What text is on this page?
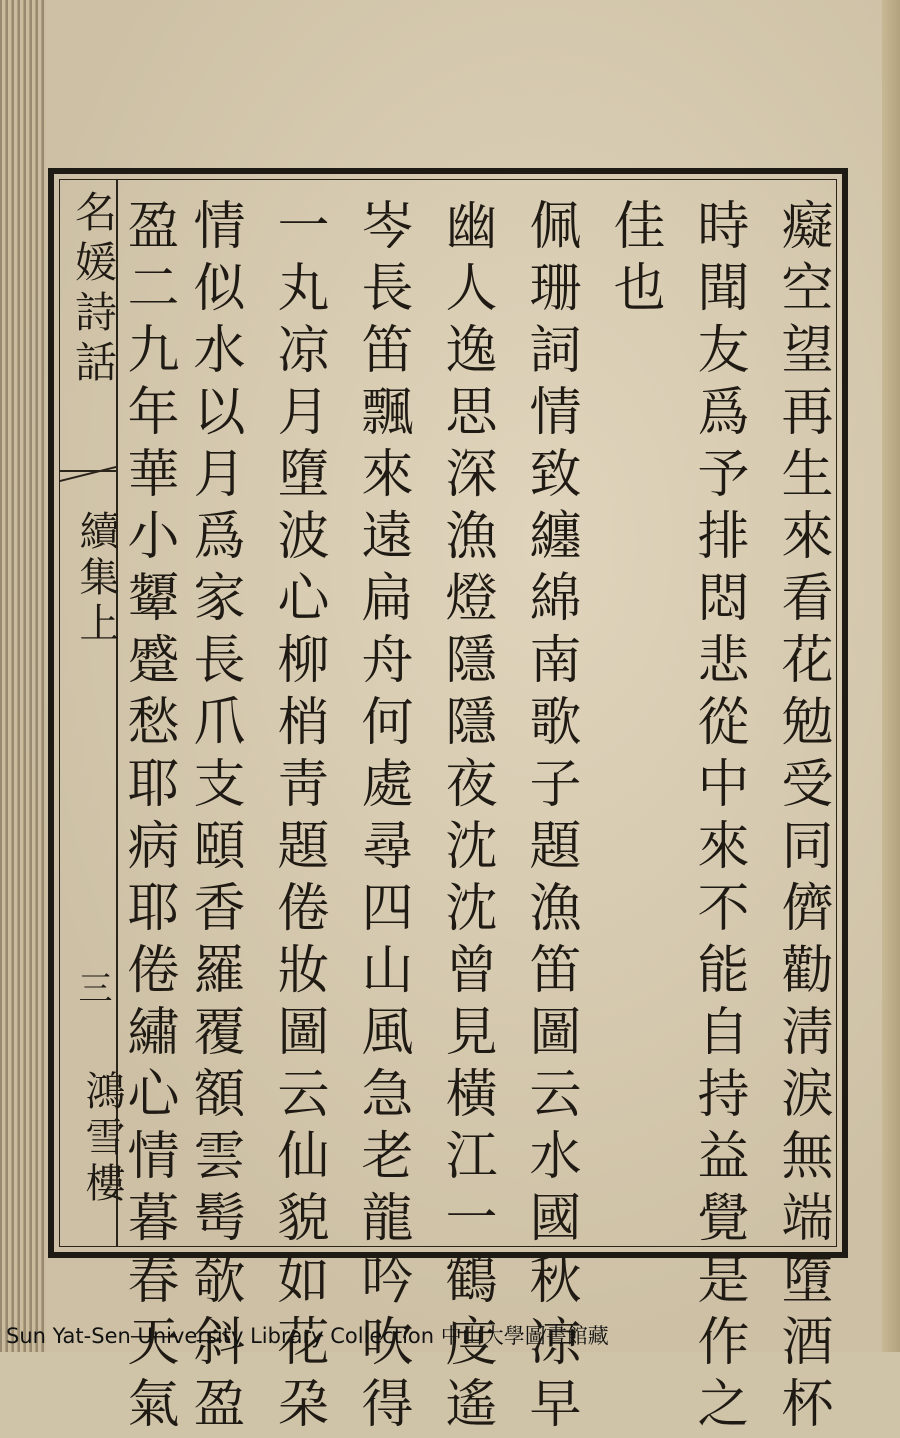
名媛詩話
續集上
三
鴻雪樓	癡空望再生來看花勉受同儕勸淸淚無端墮酒杯
時聞友爲予排悶悲從中來不能自持益覺是作之
佳也
佩珊詞情致纏綿南歌子題漁笛圖云水國秋凉早
幽人逸思深漁燈隱隱夜沈沈曾見橫江一鶴度遙
岑長笛飄來遠扁舟何處尋四山風急老龍吟吹得
一丸凉月墮波心柳梢靑題倦妝圖云仙貌如花朶
情似水以月爲家長爪支頤香羅覆額雲髩欹斜盈
盈二九年華小顰蹙愁耶病耶倦繡心情暮春天氣
Sun Yat-Sen University Library Collection 中山大學圖書館藏
